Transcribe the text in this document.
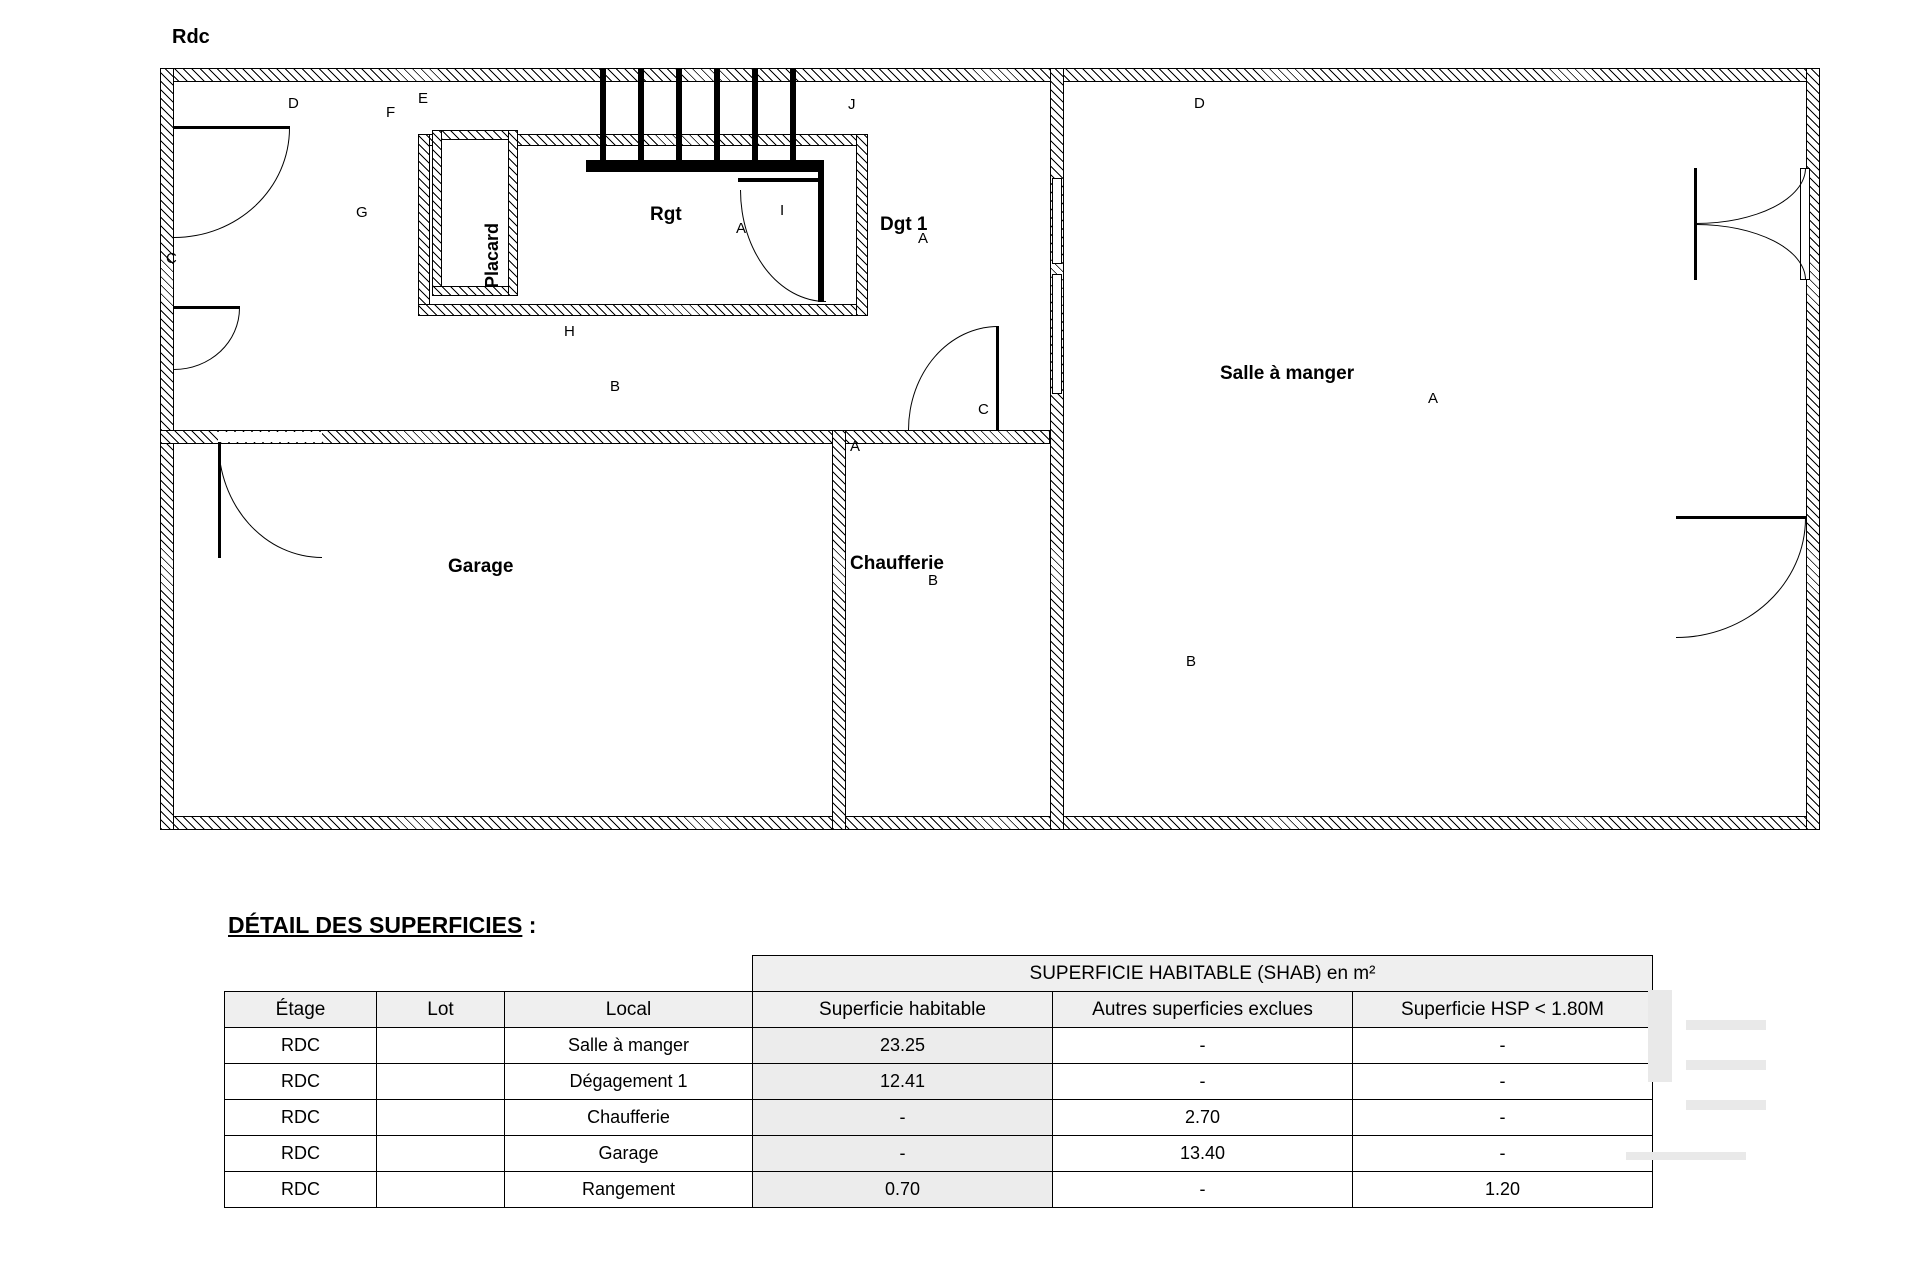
Rdc
Placard
Rgt	Dgt 1
Salle à manger
Garage	Chaufferie
D	E
F
G
C
H
B
J
A
I
A
D
A
C
A
B
B
DÉTAIL DES SUPERFICIES :
			SUPERFICIE HABITABLE (SHAB) en m²		
Étage	Lot	Local	Superficie habitable	Autres superficies exclues	Superficie HSP < 1.80M
RDC		Salle à manger	23.25	-	-
RDC		Dégagement 1	12.41	-	-
RDC		Chaufferie	-	2.70	-
RDC		Garage	-	13.40	-
RDC		Rangement	0.70	-	1.20
